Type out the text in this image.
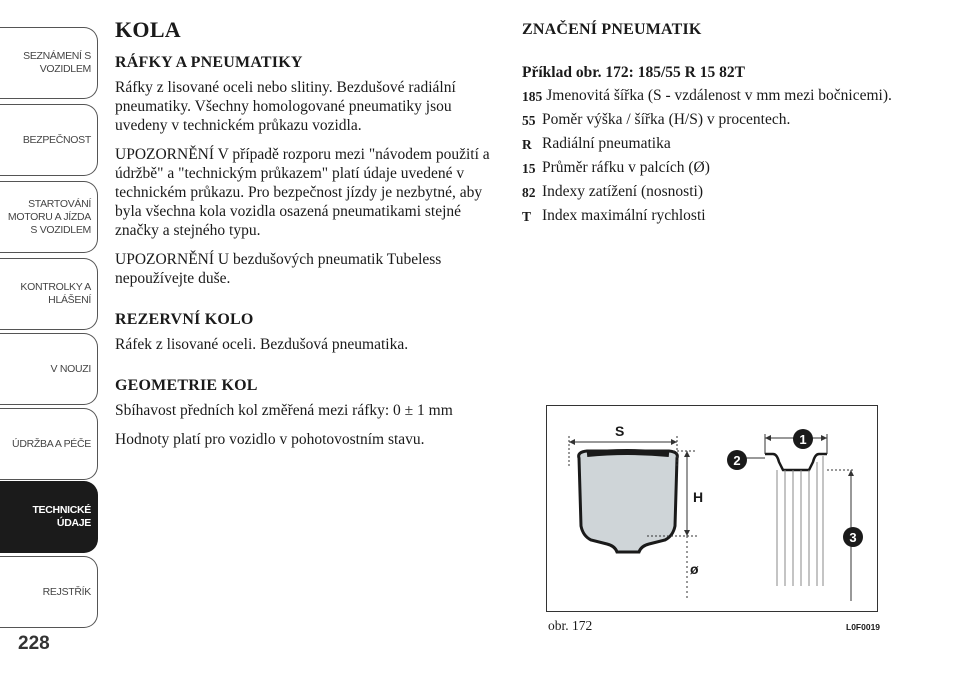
SEZNÁMENÍ S
VOZIDLEM
BEZPEČNOST
STARTOVÁNÍ
MOTORU A JÍZDA
S VOZIDLEM
KONTROLKY A
HLÁŠENÍ
V NOUZI
ÚDRŽBA A PÉČE
TECHNICKÉ
ÚDAJE
REJSTŘÍK
228
KOLA
RÁFKY A PNEUMATIKY

Ráfky z lisované oceli nebo slitiny. Bezdušové radiální pneumatiky. Všechny homologované pneumatiky jsou uvedeny v technickém průkazu vozidla.

UPOZORNĚNÍ V případě rozporu mezi "návodem použití a údržbě" a "technickým průkazem" platí údaje uvedené v technickém průkazu. Pro bezpečnost jízdy je nezbytné, aby byla všechna kola vozidla osazená pneumatikami stejné značky a stejného typu.

UPOZORNĚNÍ U bezdušových pneumatik Tubeless nepoužívejte duše.

REZERVNÍ KOLO

Ráfek z lisované oceli. Bezdušová pneumatika.

GEOMETRIE KOL

Sbíhavost předních kol změřená mezi ráfky: 0 ± 1 mm

Hodnoty platí pro vozidlo v pohotovostním stavu.

ZNAČENÍ PNEUMATIK
Příklad obr. 172: 185/55 R 15 82T
185 Jmenovitá šířka (S - vzdálenost v mm mezi bočnicemi).
55 Poměr výška / šířka (H/S) v procentech.
R Radiální pneumatika
15 Průměr ráfku v palcích (Ø)
82 Indexy zatížení (nosnosti)
T Index maximální rychlosti
S
H
ø
1
2
3
obr. 172	L0F0019
